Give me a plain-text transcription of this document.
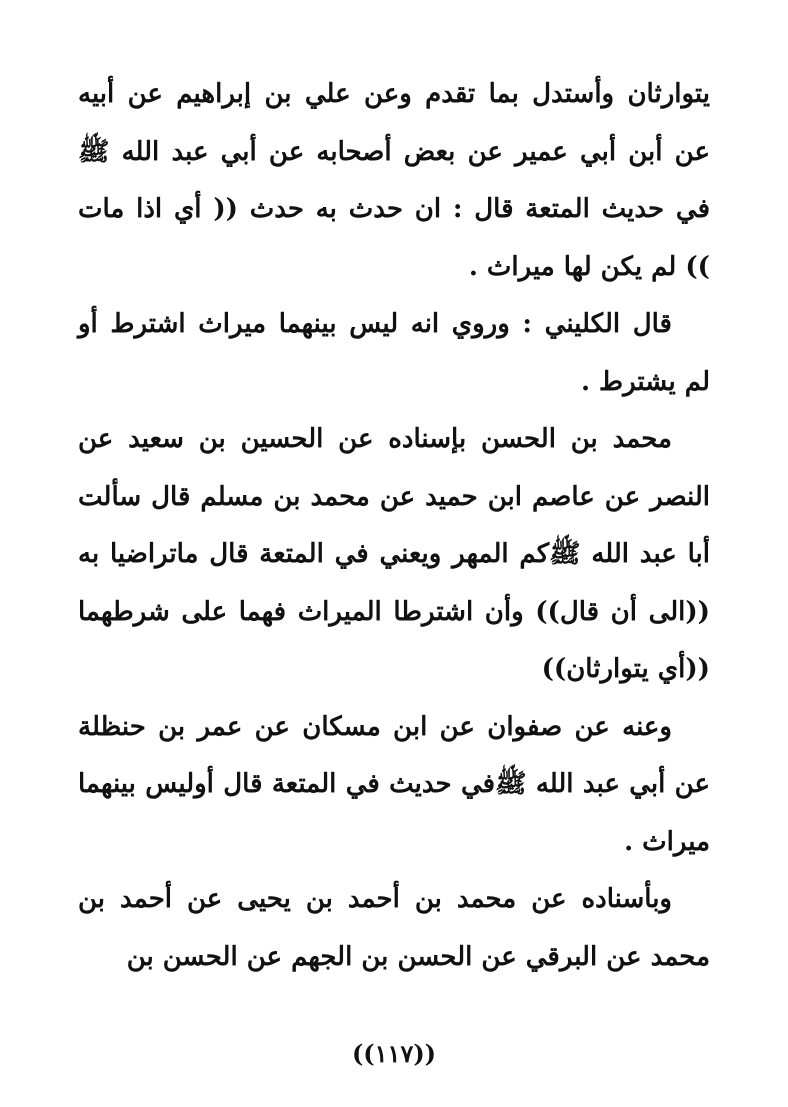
يتوارثان وأستدل بما تقدم وعن علي بن إبراهيم عن أبيه عن أبن أبي عمير عن بعض أصحابه عن أبي عبد الله ﷺ في حديث المتعة قال : ان حدث به حدث (( أي اذا مات )) لم يكن لها ميراث .

قال الكليني : وروي انه ليس بينهما ميراث اشترط أو لم يشترط .

محمد بن الحسن بإسناده عن الحسين بن سعيد عن النصر عن عاصم ابن حميد عن محمد بن مسلم قال سألت أبا عبد الله ﷺكم المهر ويعني في المتعة قال ماتراضيا به ((الى أن قال)) وأن اشترطا الميراث فهما على شرطهما ((أي يتوارثان))

وعنه عن صفوان عن ابن مسكان عن عمر بن حنظلة عن أبي عبد الله ﷺفي حديث في المتعة قال أوليس بينهما ميراث .

وبأسناده عن محمد بن أحمد بن يحيى عن أحمد بن محمد عن البرقي عن الحسن بن الجهم عن الحسن بن

((١١٧))
